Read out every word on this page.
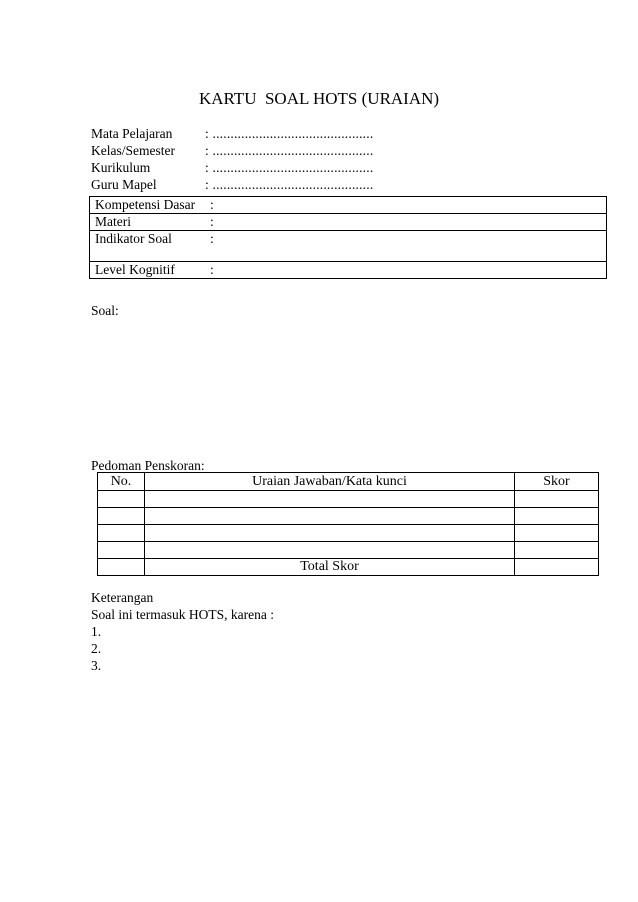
KARTU  SOAL HOTS (URAIAN)
Mata Pelajaran : .............................................
Kelas/Semester : .............................................
Kurikulum	: .............................................
Guru Mapel	: .............................................
Kompetensi Dasar	:
Materi	:
Indikator Soal	:
Level Kognitif	:
Soal:
Pedoman Penskoran:
No.	Uraian Jawaban/Kata kunci	Skor

	Total Skor	
Keterangan
Soal ini termasuk HOTS, karena :
1.
2.
3.
